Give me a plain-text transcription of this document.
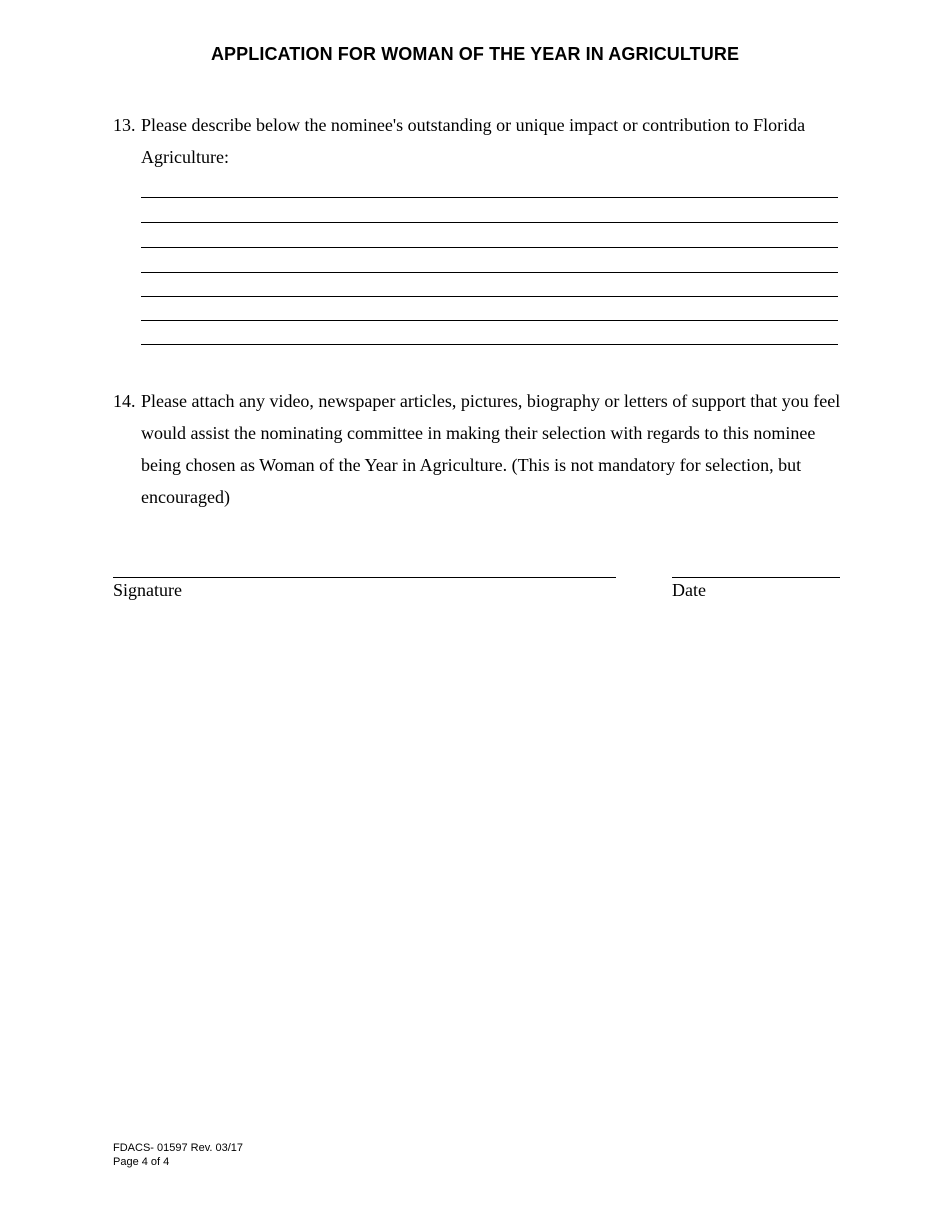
APPLICATION FOR WOMAN OF THE YEAR IN AGRICULTURE
13. Please describe below the nominee's outstanding or unique impact or contribution to Florida Agriculture:
14. Please attach any video, newspaper articles, pictures, biography or letters of support that you feel would assist the nominating committee in making their selection with regards to this nominee being chosen as Woman of the Year in Agriculture. (This is not mandatory for selection, but encouraged)
Signature	Date
FDACS- 01597 Rev. 03/17
Page 4 of 4
